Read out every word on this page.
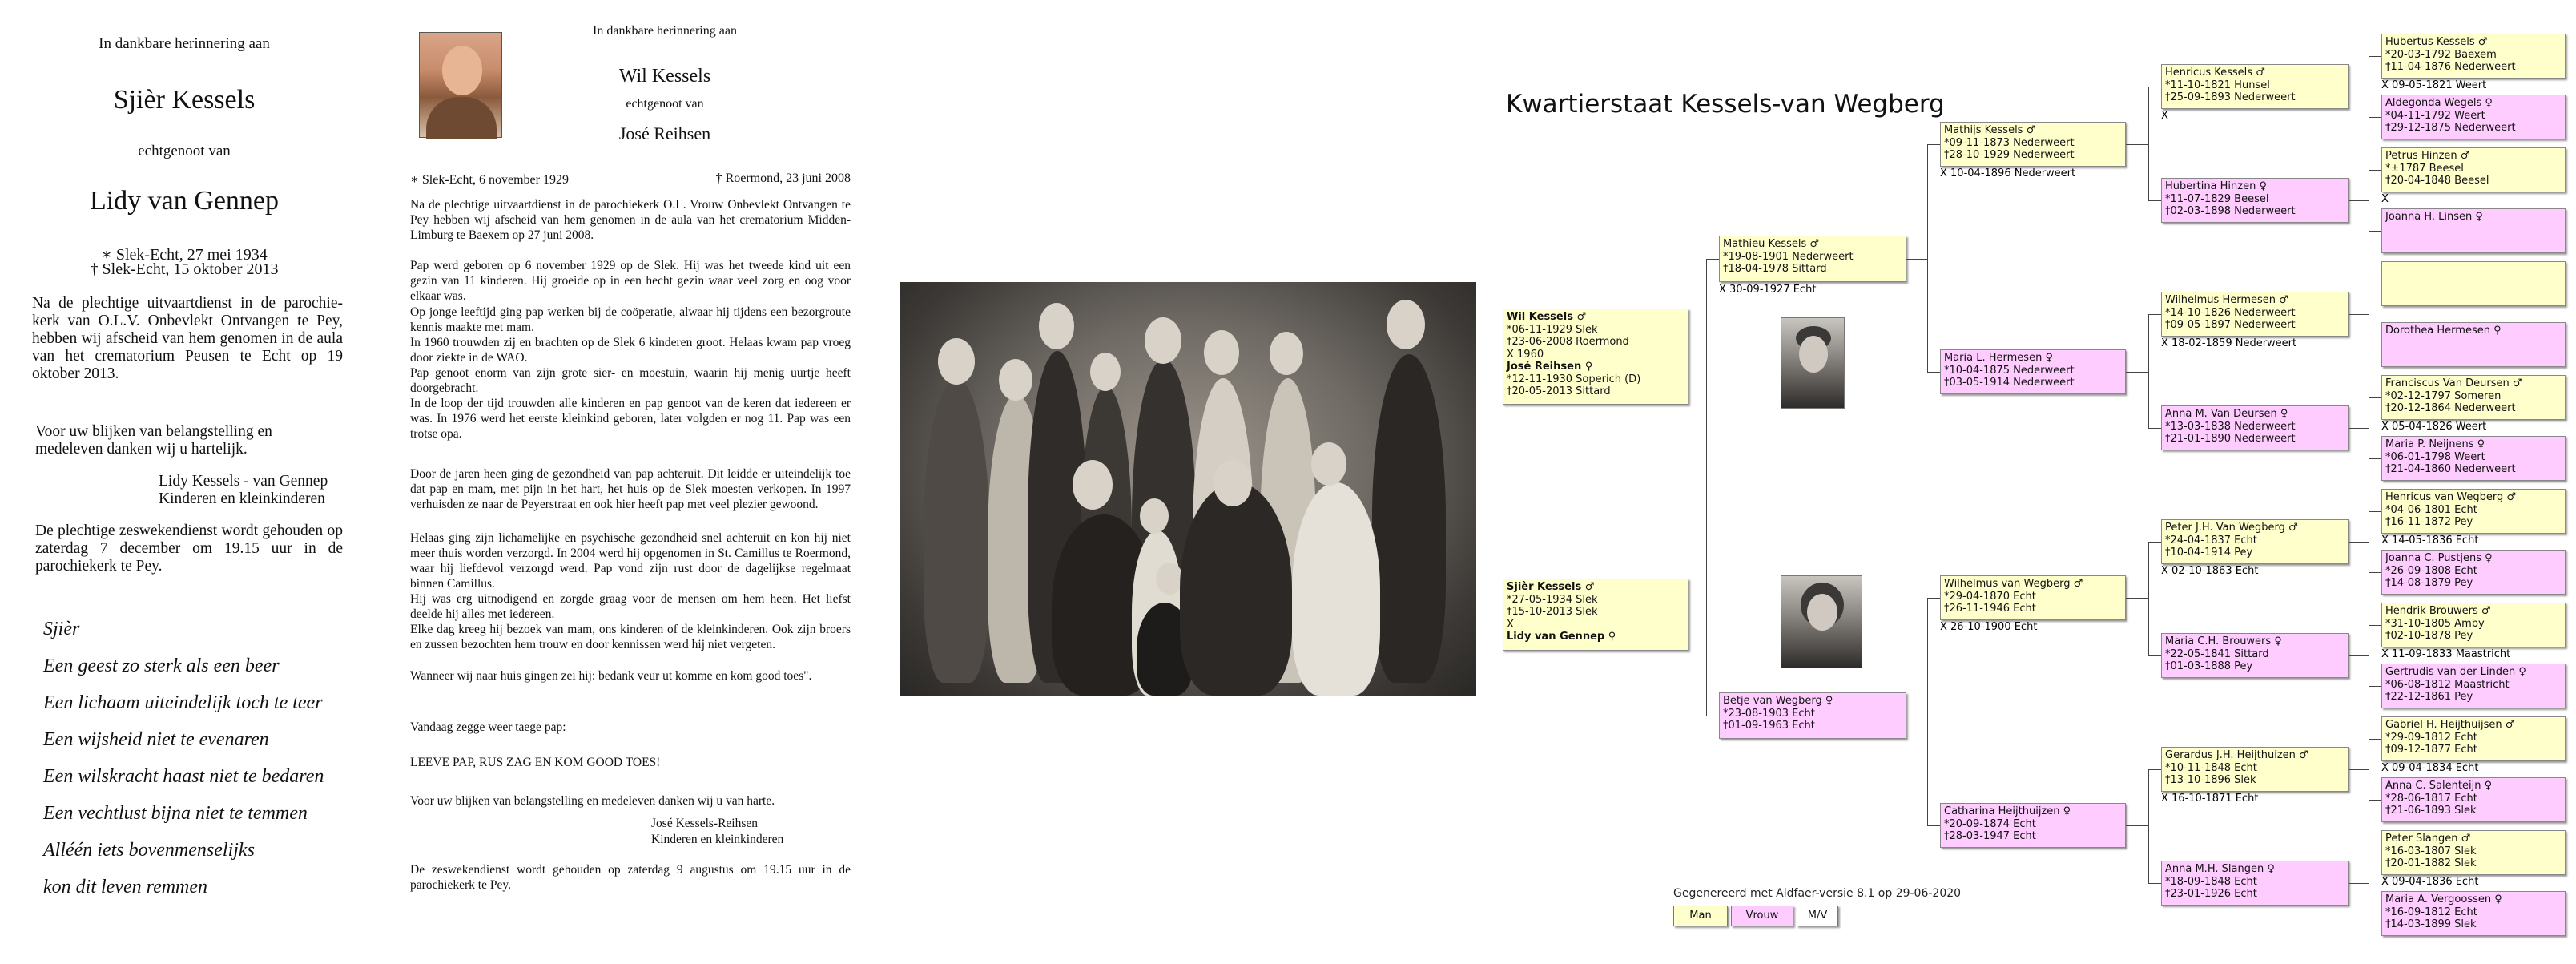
In dankbare herinnering aan
Sjièr Kessels
echtgenoot van
Lidy van Gennep
∗ Slek-Echt, 27 mei 1934
† Slek-Echt, 15 oktober 2013
Na de plechtige uitvaartdienst in de parochie-kerk van O.L.V. Onbevlekt Ontvangen te Pey, hebben wij afscheid van hem genomen in de aula van het crematorium Peusen te Echt op 19 oktober 2013.
Voor uw blijken van belangstelling en medeleven danken wij u hartelijk.
Lidy Kessels - van Gennep
Kinderen en kleinkinderen
De plechtige zeswekendienst wordt gehouden op zaterdag 7 december om 19.15 uur in de parochiekerk te Pey.
Sjièr
Een geest zo sterk als een beer
Een lichaam uiteindelijk toch te teer
Een wijsheid niet te evenaren
Een wilskracht haast niet te bedaren
Een vechtlust bijna niet te temmen
Alléén iets bovenmenselijks
kon dit leven remmen
In dankbare herinnering aan
Wil Kessels
echtgenoot van
José Reihsen
∗ Slek-Echt, 6 november 1929	† Roermond, 23 juni 2008
Na de plechtige uitvaartdienst in de parochiekerk O.L. Vrouw Onbevlekt Ontvangen te Pey hebben wij afscheid van hem genomen in de aula van het crematorium Midden-Limburg te Baexem op 27 juni 2008.
Pap werd geboren op 6 november 1929 op de Slek. Hij was het tweede kind uit een gezin van 11 kinderen. Hij groeide op in een hecht gezin waar veel zorg en oog voor elkaar was.
Op jonge leeftijd ging pap werken bij de coöperatie, alwaar hij tijdens een bezorgroute kennis maakte met mam.
In 1960 trouwden zij en brachten op de Slek 6 kinderen groot. Helaas kwam pap vroeg door ziekte in de WAO.
Pap genoot enorm van zijn grote sier- en moestuin, waarin hij menig uurtje heeft doorgebracht.
In de loop der tijd trouwden alle kinderen en pap genoot van de keren dat iedereen er was. In 1976 werd het eerste kleinkind geboren, later volgden er nog 11. Pap was een trotse opa.
Door de jaren heen ging de gezondheid van pap achteruit. Dit leidde er uiteindelijk toe dat pap en mam, met pijn in het hart, het huis op de Slek moesten verkopen. In 1997 verhuisden ze naar de Peyerstraat en ook hier heeft pap met veel plezier gewoond.
Helaas ging zijn lichamelijke en psychische gezondheid snel achteruit en kon hij niet meer thuis worden verzorgd. In 2004 werd hij opgenomen in St. Camillus te Roermond, waar hij liefdevol verzorgd werd. Pap vond zijn rust door de dagelijkse regelmaat binnen Camillus.
Hij was erg uitnodigend en zorgde graag voor de mensen om hem heen. Het liefst deelde hij alles met iedereen.
Elke dag kreeg hij bezoek van mam, ons kinderen of de kleinkinderen. Ook zijn broers en zussen bezochten hem trouw en door kennissen werd hij niet vergeten.
Wanneer wij naar huis gingen zei hij: bedank veur ut komme en kom good toes".
Vandaag zegge weer taege pap:
LEEVE PAP, RUS ZAG EN KOM GOOD TOES!
Voor uw blijken van belangstelling en medeleven danken wij u van harte.
José Kessels-Reihsen
Kinderen en kleinkinderen
De zeswekendienst wordt gehouden op zaterdag 9 augustus om 19.15 uur in de parochiekerk te Pey.
Kwartierstaat Kessels-van Wegberg
Wil Kessels ♂
*06-11-1929 Slek
†23-06-2008 Roermond
X 1960
José Reihsen ♀
*12-11-1930 Soperich (D)
†20-05-2013 Sittard
Sjièr Kessels ♂
*27-05-1934 Slek
†15-10-2013 Slek
X
Lidy van Gennep ♀
Mathieu Kessels ♂
*19-08-1901 Nederweert
†18-04-1978 Sittard
X 30-09-1927 Echt
Betje van Wegberg ♀
*23-08-1903 Echt
†01-09-1963 Echt
Mathijs Kessels ♂
*09-11-1873 Nederweert
†28-10-1929 Nederweert
X 10-04-1896 Nederweert
Maria L. Hermesen ♀
*10-04-1875 Nederweert
†03-05-1914 Nederweert
Wilhelmus van Wegberg ♂
*29-04-1870 Echt
†26-11-1946 Echt
X 26-10-1900 Echt
Catharina Heijthuijzen ♀
*20-09-1874 Echt
†28-03-1947 Echt
Henricus Kessels ♂
*11-10-1821 Hunsel
†25-09-1893 Nederweert
X
Hubertina Hinzen ♀
*11-07-1829 Beesel
†02-03-1898 Nederweert
Wilhelmus Hermesen ♂
*14-10-1826 Nederweert
†09-05-1897 Nederweert
X 18-02-1859 Nederweert
Anna M. Van Deursen ♀
*13-03-1838 Nederweert
†21-01-1890 Nederweert
Peter J.H. Van Wegberg ♂
*24-04-1837 Echt
†10-04-1914 Pey
X 02-10-1863 Echt
Maria C.H. Brouwers ♀
*22-05-1841 Sittard
†01-03-1888 Pey
Gerardus J.H. Heijthuizen ♂
*10-11-1848 Echt
†13-10-1896 Slek
X 16-10-1871 Echt
Anna M.H. Slangen ♀
*18-09-1848 Echt
†23-01-1926 Echt
Hubertus Kessels ♂
*20-03-1792 Baexem
†11-04-1876 Nederweert
X 09-05-1821 Weert
Aldegonda Wegels ♀
*04-11-1792 Weert
†29-12-1875 Nederweert
Petrus Hinzen ♂
*±1787 Beesel
†20-04-1848 Beesel
X
Joanna H. Linsen ♀
Dorothea Hermesen ♀
Franciscus Van Deursen ♂
*02-12-1797 Someren
†20-12-1864 Nederweert
X 05-04-1826 Weert
Maria P. Neijnens ♀
*06-01-1798 Weert
†21-04-1860 Nederweert
Henricus van Wegberg ♂
*04-06-1801 Echt
†16-11-1872 Pey
X 14-05-1836 Echt
Joanna C. Pustjens ♀
*26-09-1808 Echt
†14-08-1879 Pey
Hendrik Brouwers ♂
*31-10-1805 Amby
†02-10-1878 Pey
X 11-09-1833 Maastricht
Gertrudis van der Linden ♀
*06-08-1812 Maastricht
†22-12-1861 Pey
Gabriel H. Heijthuijsen ♂
*29-09-1812 Echt
†09-12-1877 Echt
X 09-04-1834 Echt
Anna C. Salenteijn ♀
*28-06-1817 Echt
†21-06-1893 Slek
Peter Slangen ♂
*16-03-1807 Slek
†20-01-1882 Slek
X 09-04-1836 Echt
Maria A. Vergoossen ♀
*16-09-1812 Echt
†14-03-1899 Slek
Gegenereerd met Aldfaer-versie 8.1 op 29-06-2020
Man	Vrouw	M/V
